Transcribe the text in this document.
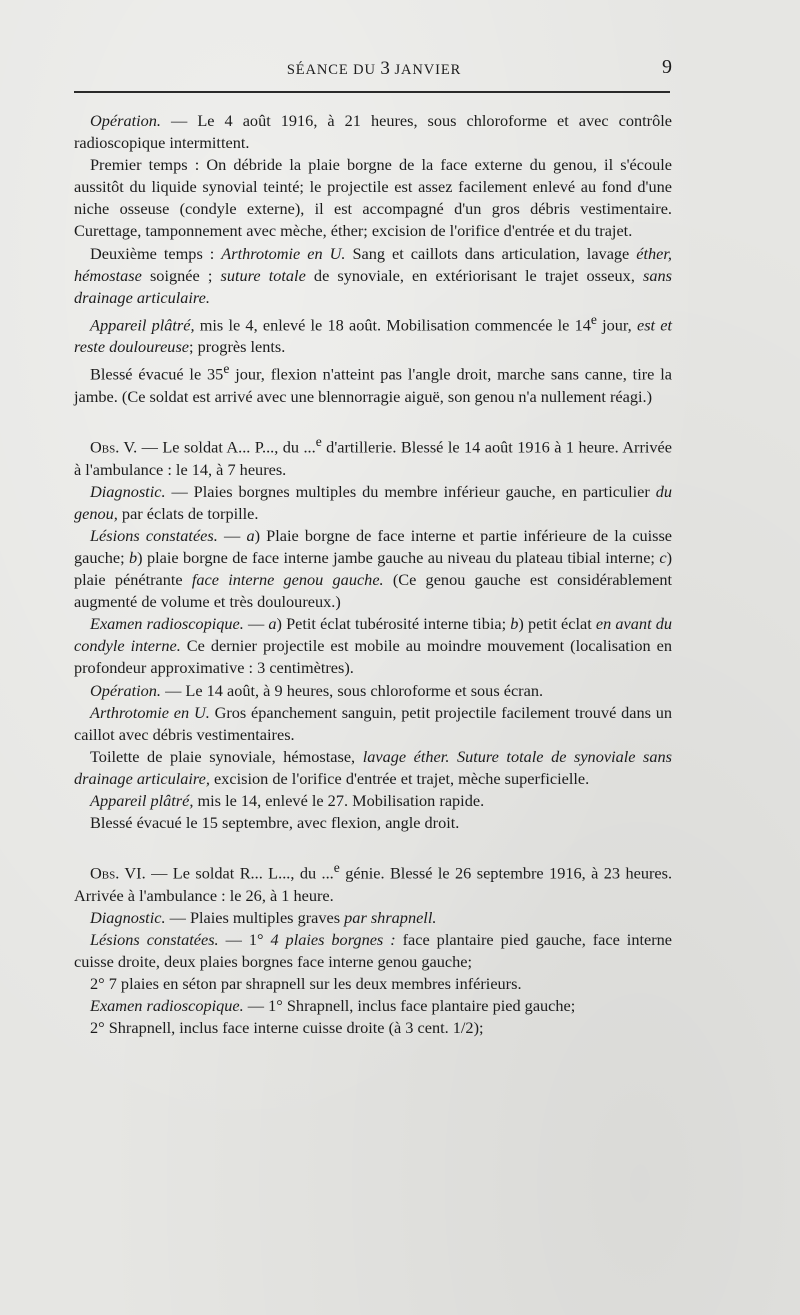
SÉANCE DU 3 JANVIER	9

Opération. — Le 4 août 1916, à 21 heures, sous chloroforme et avec contrôle radioscopique intermittent.

Premier temps : On débride la plaie borgne de la face externe du genou, il s'écoule aussitôt du liquide synovial teinté; le projectile est assez facilement enlevé au fond d'une niche osseuse (condyle externe), il est accompagné d'un gros débris vestimentaire. Curettage, tamponnement avec mèche, éther; excision de l'orifice d'entrée et du trajet.

Deuxième temps : Arthrotomie en U. Sang et caillots dans articulation, lavage éther, hémostase soignée ; suture totale de synoviale, en extériorisant le trajet osseux, sans drainage articulaire.

Appareil plâtré, mis le 4, enlevé le 18 août. Mobilisation commencée le 14e jour, est et reste douloureuse; progrès lents.

Blessé évacué le 35e jour, flexion n'atteint pas l'angle droit, marche sans canne, tire la jambe. (Ce soldat est arrivé avec une blennorragie aiguë, son genou n'a nullement réagi.)

Obs. V. — Le soldat A... P..., du ...$^e$ d'artillerie. Blessé le 14 août 1916 à 1 heure. Arrivée à l'ambulance : le 14, à 7 heures.

Diagnostic. — Plaies borgnes multiples du membre inférieur gauche, en particulier du genou, par éclats de torpille.

Lésions constatées. — a) Plaie borgne de face interne et partie inférieure de la cuisse gauche; b) plaie borgne de face interne jambe gauche au niveau du plateau tibial interne; c) plaie pénétrante face interne genou gauche. (Ce genou gauche est considérablement augmenté de volume et très douloureux.)

Examen radioscopique. — a) Petit éclat tubérosité interne tibia; b) petit éclat en avant du condyle interne. Ce dernier projectile est mobile au moindre mouvement (localisation en profondeur approximative : 3 centimètres).

Opération. — Le 14 août, à 9 heures, sous chloroforme et sous écran.

Arthrotomie en U. Gros épanchement sanguin, petit projectile facilement trouvé dans un caillot avec débris vestimentaires.

Toilette de plaie synoviale, hémostase, lavage éther. Suture totale de synoviale sans drainage articulaire, excision de l'orifice d'entrée et trajet, mèche superficielle.

Appareil plâtré, mis le 14, enlevé le 27. Mobilisation rapide.

Blessé évacué le 15 septembre, avec flexion, angle droit.

Obs. VI. — Le soldat R... L..., du ...$^e$ génie. Blessé le 26 septembre 1916, à 23 heures. Arrivée à l'ambulance : le 26, à 1 heure.

Diagnostic. — Plaies multiples graves par shrapnell.

Lésions constatées. — 1° 4 plaies borgnes : face plantaire pied gauche, face interne cuisse droite, deux plaies borgnes face interne genou gauche;

2° 7 plaies en séton par shrapnell sur les deux membres inférieurs.

Examen radioscopique. — 1° Shrapnell, inclus face plantaire pied gauche;

2° Shrapnell, inclus face interne cuisse droite (à 3 cent. 1/2);
